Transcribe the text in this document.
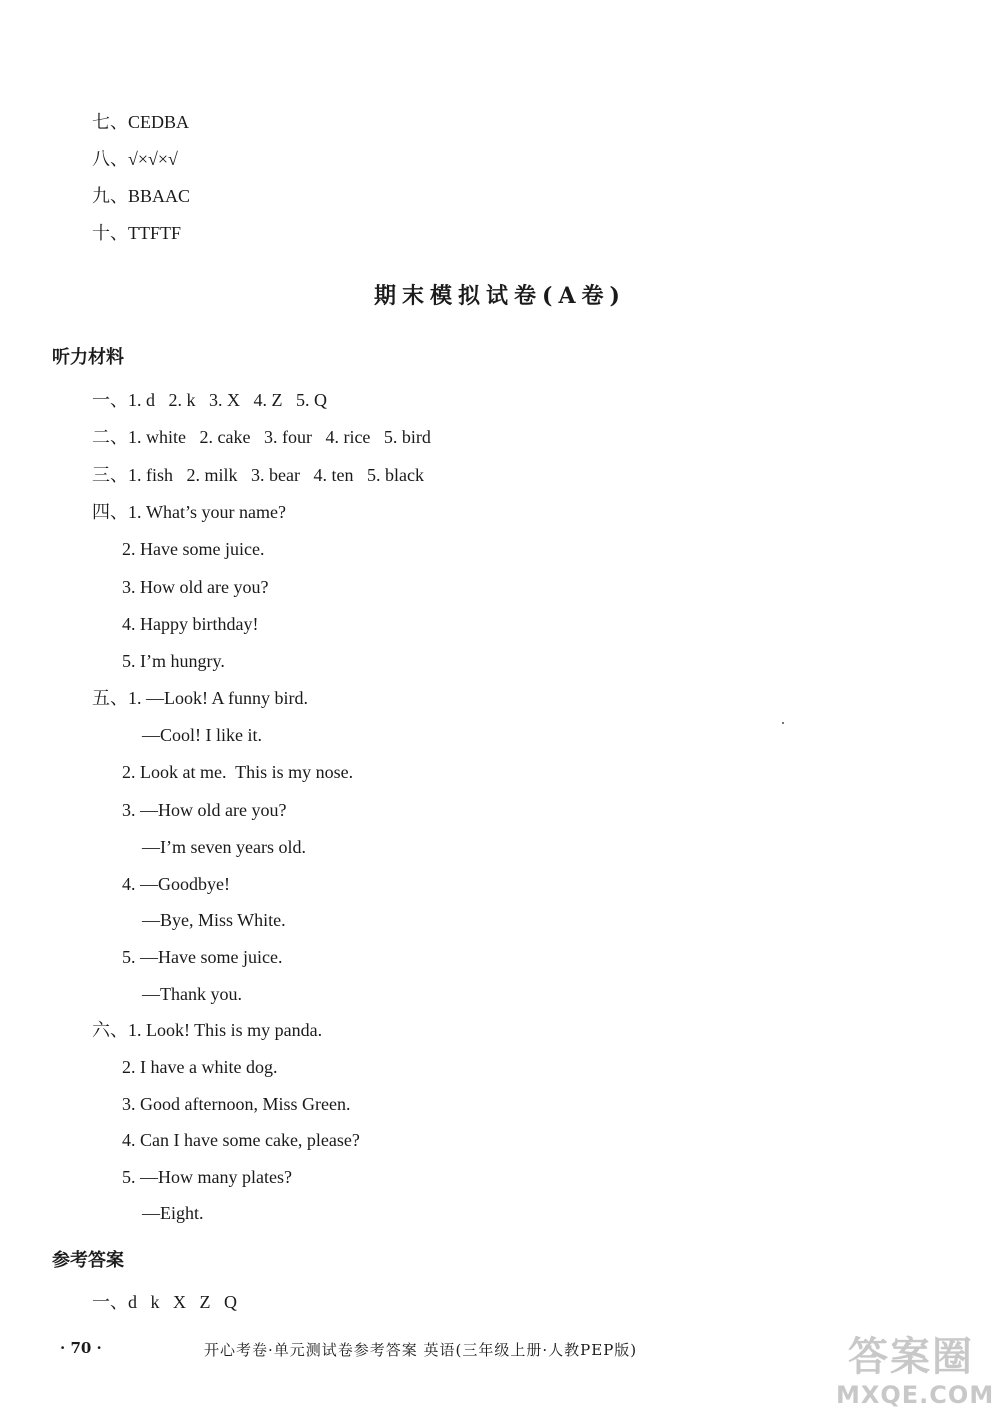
七、CEDBA
八、√×√×√
九、BBAAC
十、TTFTF
期末模拟试卷(A卷)
听力材料
一、1. d   2. k   3. X   4. Z   5. Q
二、1. white   2. cake   3. four   4. rice   5. bird
三、1. fish   2. milk   3. bear   4. ten   5. black
四、1. What’s your name?
2. Have some juice.
3. How old are you?
4. Happy birthday!
5. I’m hungry.
五、1. —Look! A funny bird.
—Cool! I like it.
2. Look at me.  This is my nose.
3. —How old are you?
—I’m seven years old.
4. —Goodbye!
—Bye, Miss White.
5. —Have some juice.
—Thank you.
六、1. Look! This is my panda.
2. I have a white dog.
3. Good afternoon, Miss Green.
4. Can I have some cake, please?
5. —How many plates?
—Eight.
参考答案
一、d   k   X   Z   Q
· 70 ·	开心考卷·单元测试卷参考答案 英语(三年级上册·人教PEP版)	答案圈
MXQE.COM
